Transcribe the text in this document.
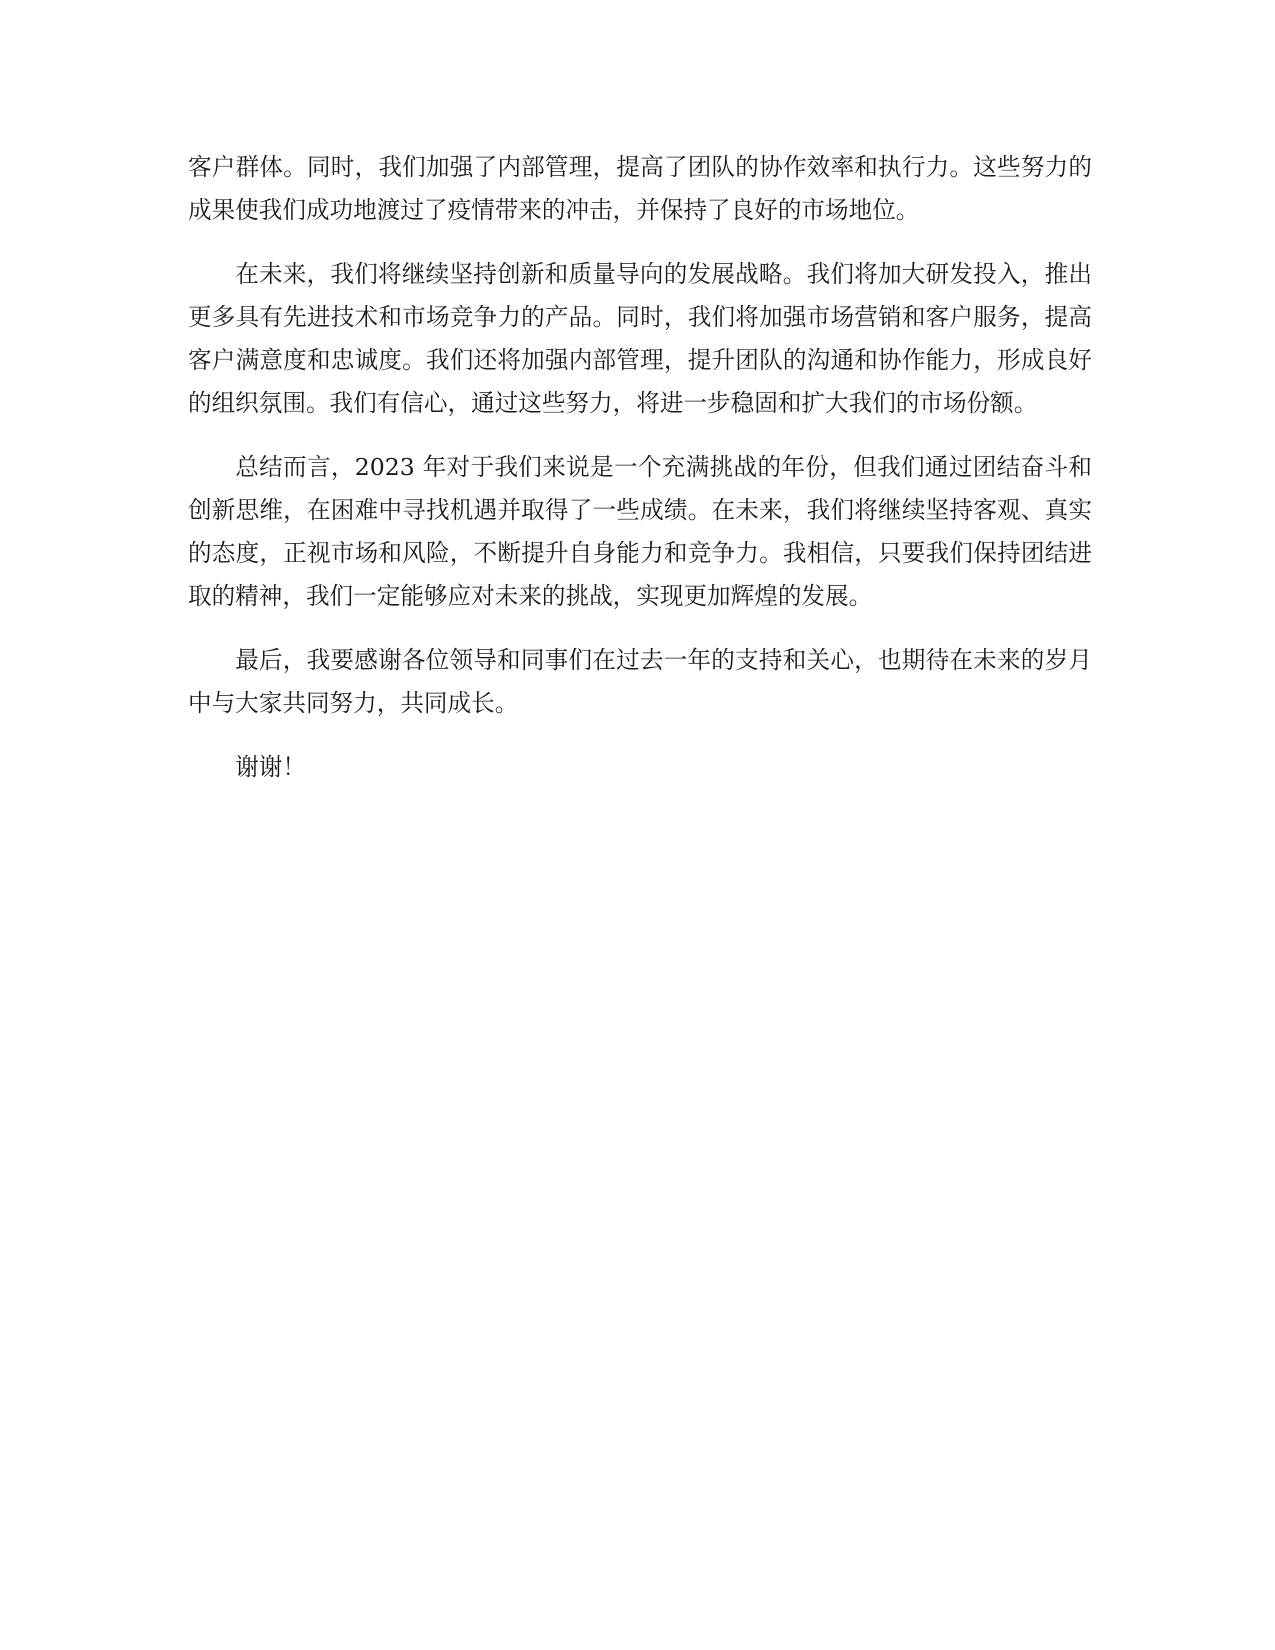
客户群体。同时，我们加强了内部管理，提高了团队的协作效率和执行力。这些努力的成果使我们成功地渡过了疫情带来的冲击，并保持了良好的市场地位。

在未来，我们将继续坚持创新和质量导向的发展战略。我们将加大研发投入，推出更多具有先进技术和市场竞争力的产品。同时，我们将加强市场营销和客户服务，提高客户满意度和忠诚度。我们还将加强内部管理，提升团队的沟通和协作能力，形成良好的组织氛围。我们有信心，通过这些努力，将进一步稳固和扩大我们的市场份额。

总结而言，2023 年对于我们来说是一个充满挑战的年份，但我们通过团结奋斗和创新思维，在困难中寻找机遇并取得了一些成绩。在未来，我们将继续坚持客观、真实的态度，正视市场和风险，不断提升自身能力和竞争力。我相信，只要我们保持团结进取的精神，我们一定能够应对未来的挑战，实现更加辉煌的发展。

最后，我要感谢各位领导和同事们在过去一年的支持和关心，也期待在未来的岁月中与大家共同努力，共同成长。

谢谢！
